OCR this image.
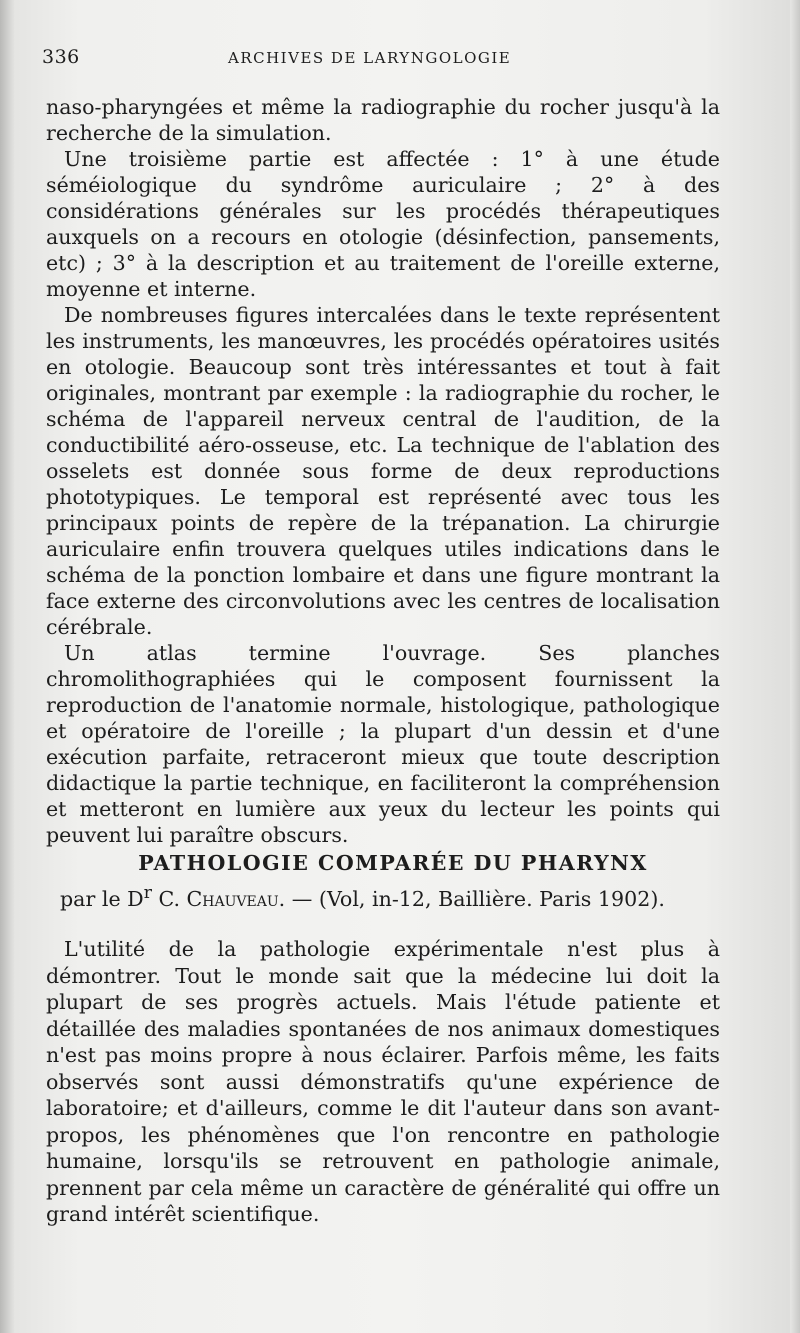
336	ARCHIVES DE LARYNGOLOGIE

naso-pharyngées et même la radiographie du rocher jusqu'à la recherche de la simulation.

Une troisième partie est affectée : 1° à une étude séméiologique du syndrôme auriculaire ; 2° à des considérations générales sur les procédés thérapeutiques auxquels on a recours en otologie (désinfection, pansements, etc) ; 3° à la description et au traitement de l'oreille externe, moyenne et interne.

De nombreuses figures intercalées dans le texte représentent les instruments, les manœuvres, les procédés opératoires usités en otologie. Beaucoup sont très intéressantes et tout à fait originales, montrant par exemple : la radiographie du rocher, le schéma de l'appareil nerveux central de l'audition, de la conductibilité aéro-osseuse, etc. La technique de l'ablation des osselets est donnée sous forme de deux reproductions phototypiques. Le temporal est représenté avec tous les principaux points de repère de la trépanation. La chirurgie auriculaire enfin trouvera quelques utiles indications dans le schéma de la ponction lombaire et dans une figure montrant la face externe des circonvolutions avec les centres de localisation cérébrale.

Un atlas termine l'ouvrage. Ses planches chromolithographiées qui le composent fournissent la reproduction de l'anatomie normale, histologique, pathologique et opératoire de l'oreille ; la plupart d'un dessin et d'une exécution parfaite, retraceront mieux que toute description didactique la partie technique, en faciliteront la compréhension et metteront en lumière aux yeux du lecteur les points qui peuvent lui paraître obscurs.

PATHOLOGIE COMPARÉE DU PHARYNX

par le $D^r$ C. Chauveau. — (Vol, in-12, Baillière. Paris 1902).

L'utilité de la pathologie expérimentale n'est plus à démontrer. Tout le monde sait que la médecine lui doit la plupart de ses progrès actuels. Mais l'étude patiente et détaillée des maladies spontanées de nos animaux domestiques n'est pas moins propre à nous éclairer. Parfois même, les faits observés sont aussi démonstratifs qu'une expérience de laboratoire; et d'ailleurs, comme le dit l'auteur dans son avant-propos, les phénomènes que l'on rencontre en pathologie humaine, lorsqu'ils se retrouvent en pathologie animale, prennent par cela même un caractère de généralité qui offre un grand intérêt scientifique.
